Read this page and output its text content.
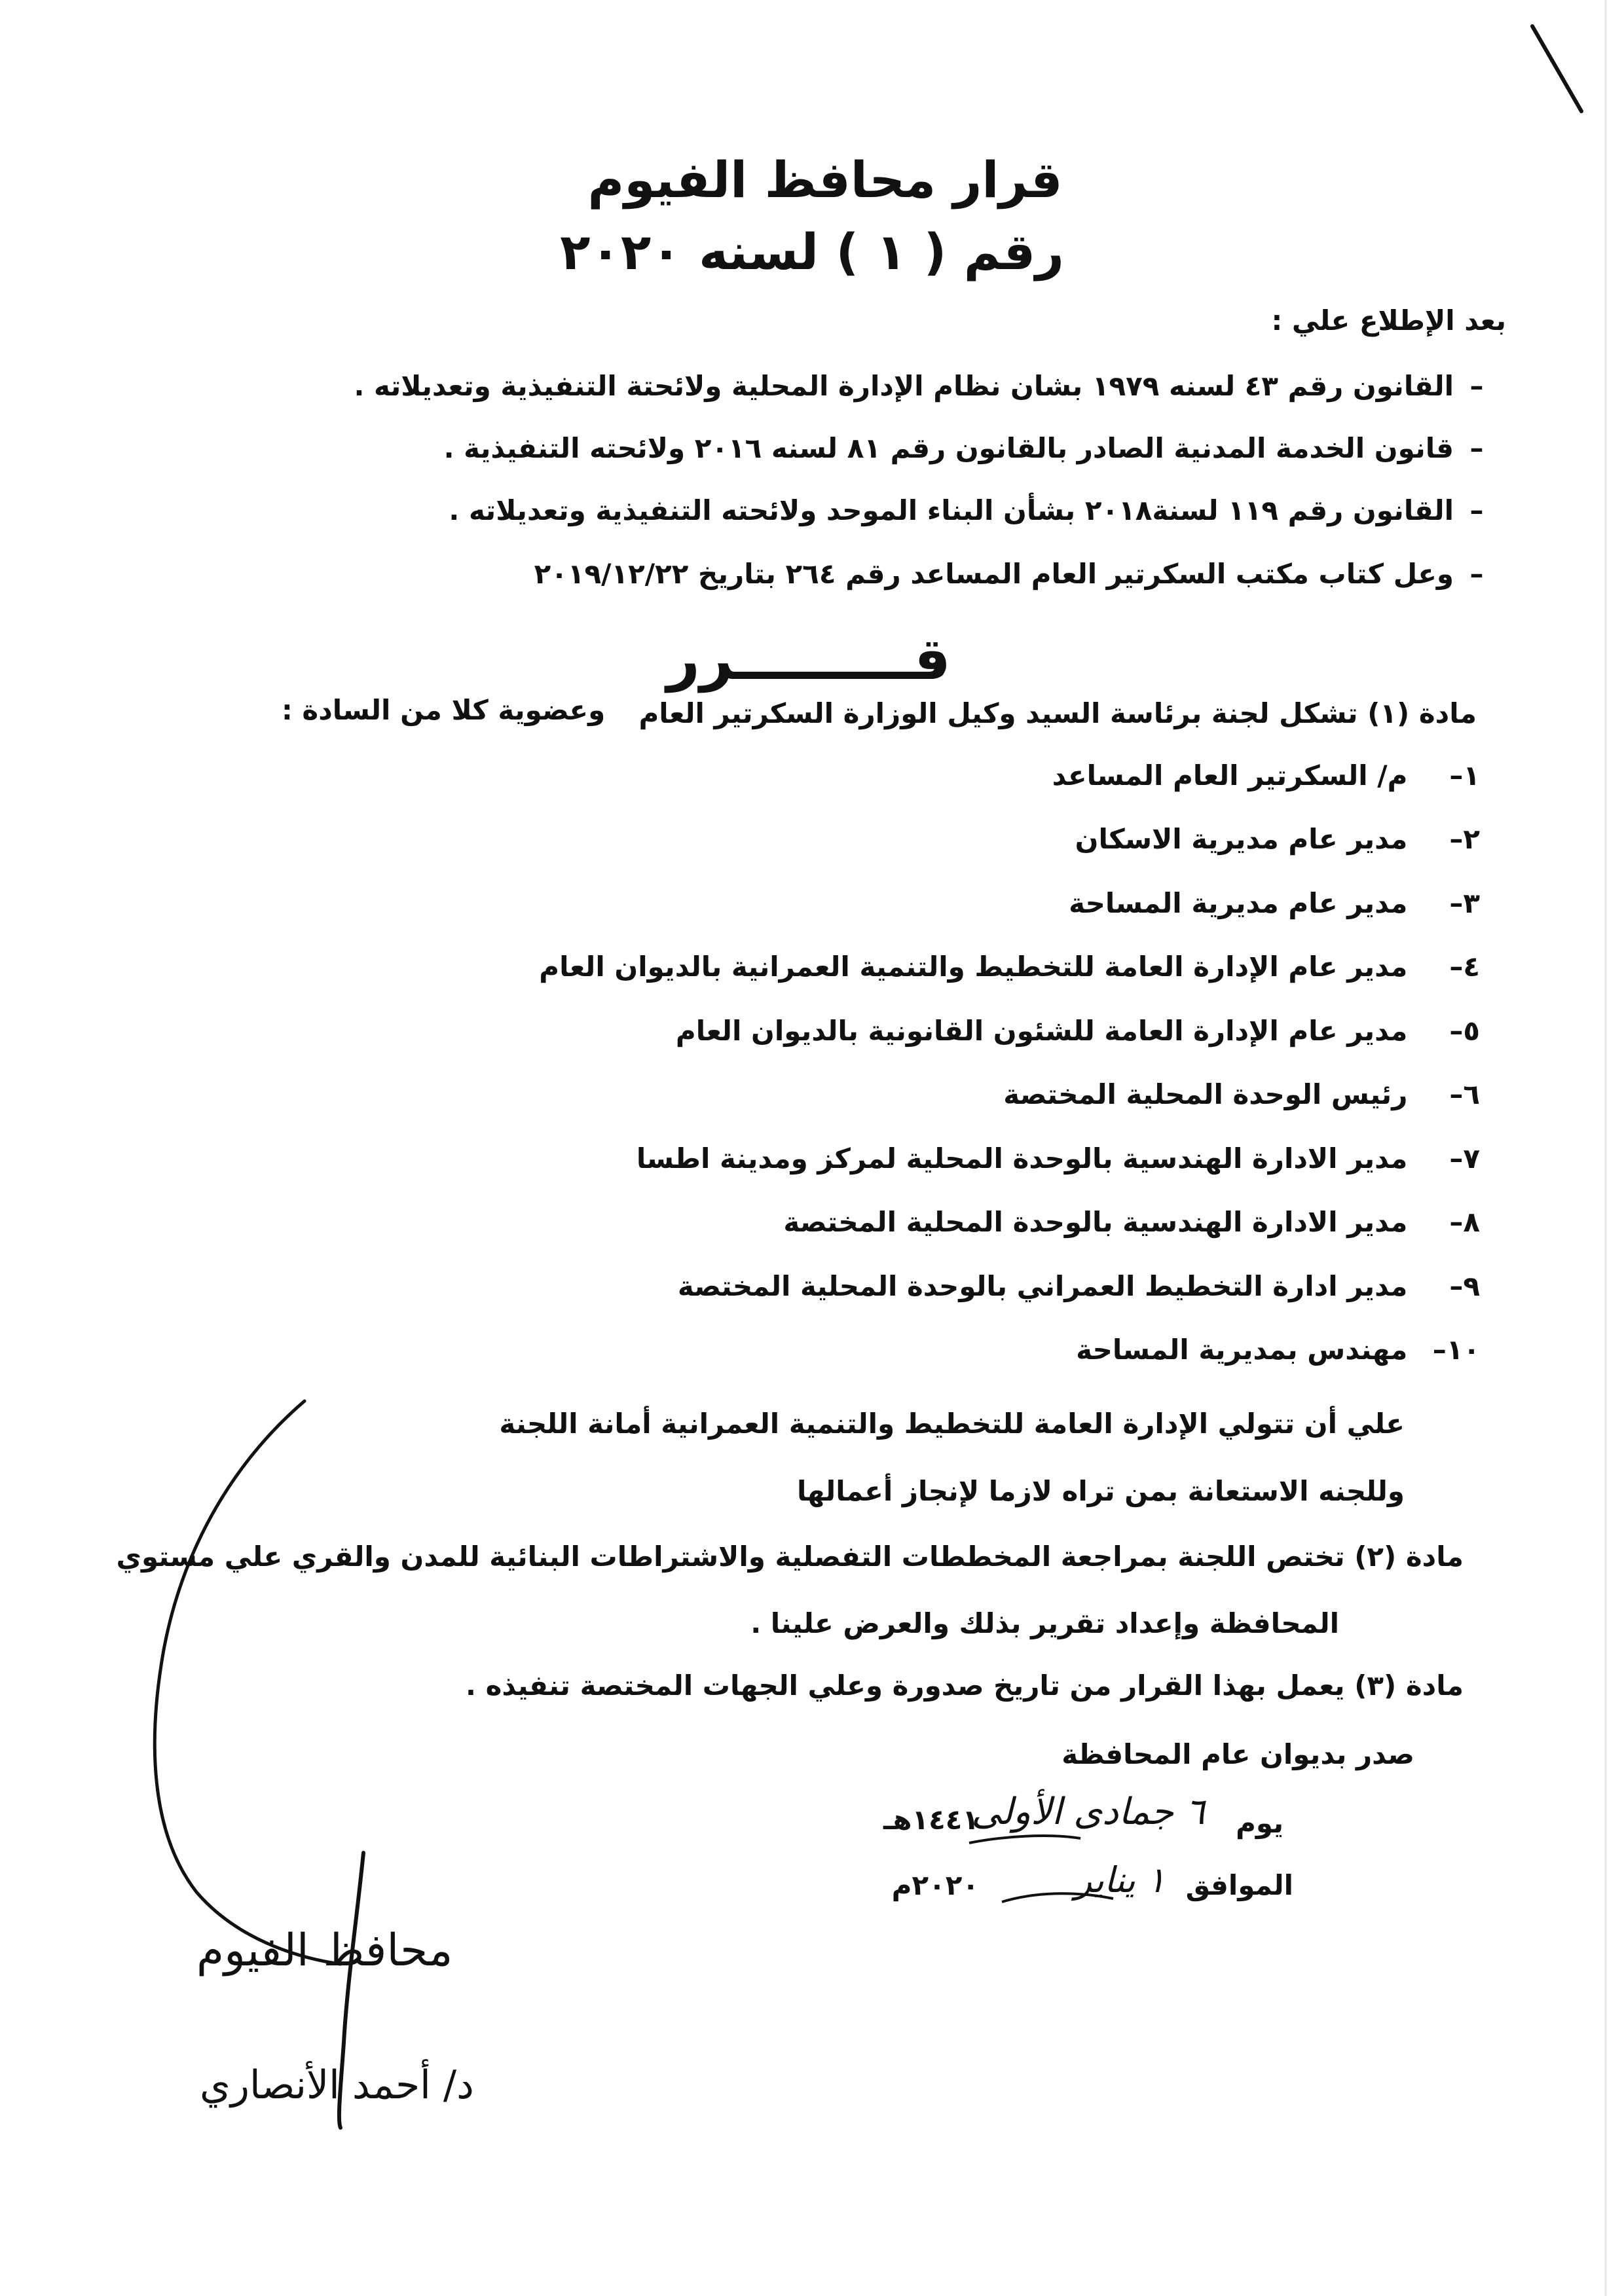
قرار محافظ الفيوم
رقم ( ١ ) لسنه ٢٠٢٠
بعد الإطلاع علي :
–القانون رقم ٤٣ لسنه ١٩٧٩ بشان نظام الإدارة المحلية ولائحتة التنفيذية وتعديلاته .
–قانون الخدمة المدنية الصادر بالقانون رقم ٨١ لسنه ٢٠١٦ ولائحته التنفيذية .
–القانون رقم ١١٩ لسنة٢٠١٨ بشأن البناء الموحد ولائحته التنفيذية وتعديلاته .
–وعل كتاب مكتب السكرتير العام المساعد رقم ٢٦٤ بتاريخ ٢٠١٩/١٢/٢٢
قـــــــــرر
مادة (١) تشكل لجنة برئاسة السيد وكيل الوزارة السكرتير العام
وعضوية كلا من السادة :
١– م/ السكرتير العام المساعد
٢– مدير عام مديرية الاسكان
٣– مدير عام مديرية المساحة
٤– مدير عام الإدارة العامة للتخطيط والتنمية العمرانية بالديوان العام
٥– مدير عام الإدارة العامة للشئون القانونية بالديوان العام
٦– رئيس الوحدة المحلية المختصة
٧– مدير الادارة الهندسية بالوحدة المحلية لمركز ومدينة اطسا
٨– مدير الادارة الهندسية بالوحدة المحلية المختصة
٩– مدير ادارة التخطيط العمراني بالوحدة المحلية المختصة
١٠– مهندس بمديرية المساحة
علي أن تتولي الإدارة العامة للتخطيط والتنمية العمرانية أمانة اللجنة
وللجنه الاستعانة بمن تراه لازما لإنجاز أعمالها
مادة (٢) تختص اللجنة بمراجعة المخططات التفصلية والاشتراطات البنائية للمدن والقري علي مستوي
المحافظة وإعداد تقرير بذلك والعرض علينا .
مادة (٣) يعمل بهذا القرار من تاريخ صدورة وعلي الجهات المختصة تنفيذه .
صدر بديوان عام المحافظة
يوم
٦ جمادى الأولى
١٤٤١هـ
الموافق
١ يناير
٢٠٢٠م
محافظ الفيوم
د/ أحمد الأنصاري
